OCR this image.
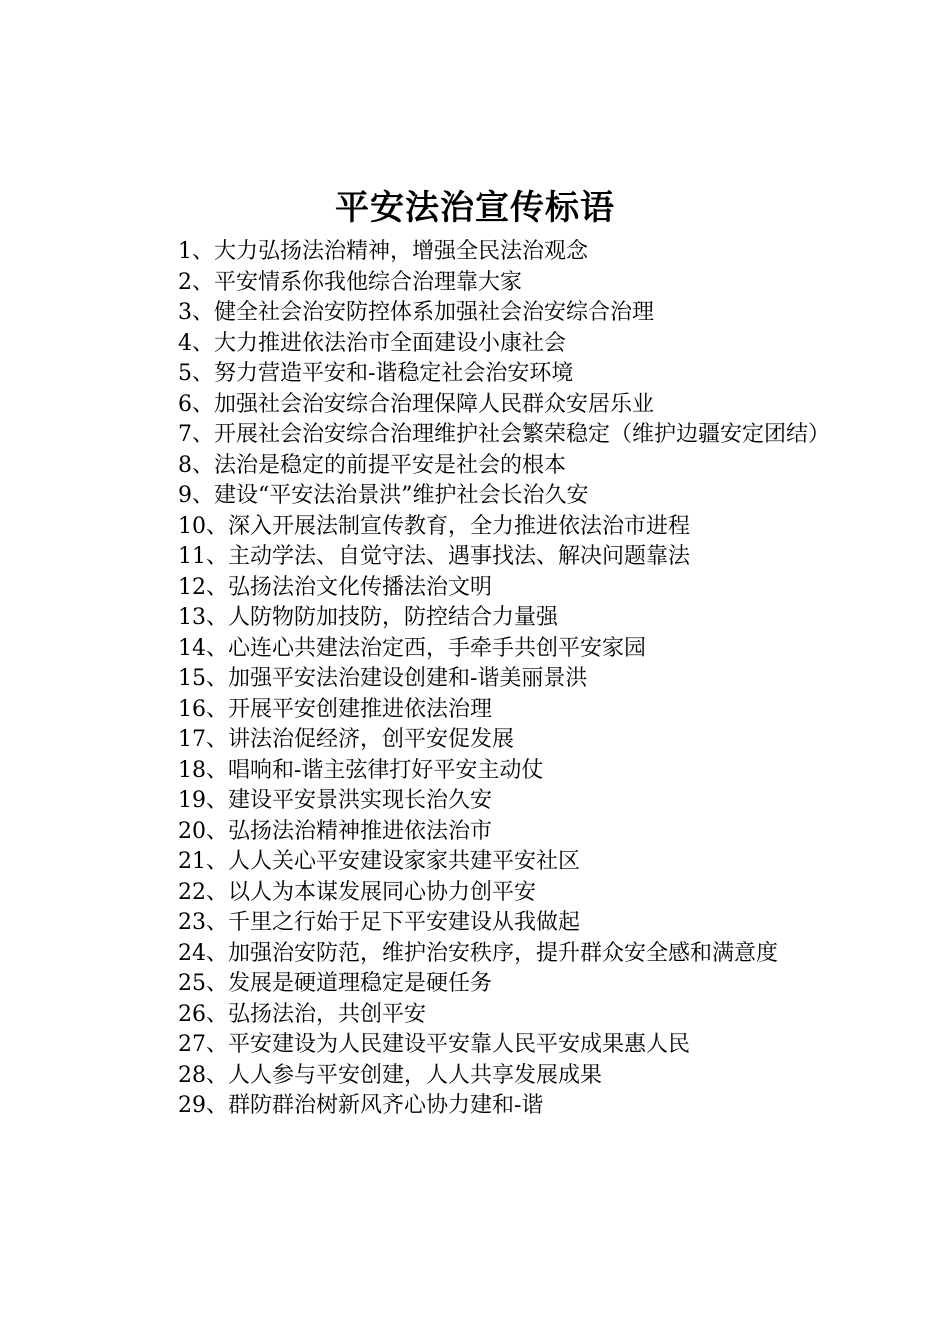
平安法治宣传标语
1、大力弘扬法治精神，增强全民法治观念
2、平安情系你我他综合治理靠大家
3、健全社会治安防控体系加强社会治安综合治理
4、大力推进依法治市全面建设小康社会
5、努力营造平安和-谐稳定社会治安环境
6、加强社会治安综合治理保障人民群众安居乐业
7、开展社会治安综合治理维护社会繁荣稳定（维护边疆安定团结）
8、法治是稳定的前提平安是社会的根本
9、建设“平安法治景洪”维护社会长治久安
10、深入开展法制宣传教育，全力推进依法治市进程
11、主动学法、自觉守法、遇事找法、解决问题靠法
12、弘扬法治文化传播法治文明
13、人防物防加技防，防控结合力量强
14、心连心共建法治定西，手牵手共创平安家园
15、加强平安法治建设创建和-谐美丽景洪
16、开展平安创建推进依法治理
17、讲法治促经济，创平安促发展
18、唱响和-谐主弦律打好平安主动仗
19、建设平安景洪实现长治久安
20、弘扬法治精神推进依法治市
21、人人关心平安建设家家共建平安社区
22、以人为本谋发展同心协力创平安
23、千里之行始于足下平安建设从我做起
24、加强治安防范，维护治安秩序，提升群众安全感和满意度
25、发展是硬道理稳定是硬任务
26、弘扬法治，共创平安
27、平安建设为人民建设平安靠人民平安成果惠人民
28、人人参与平安创建，人人共享发展成果
29、群防群治树新风齐心协力建和-谐
